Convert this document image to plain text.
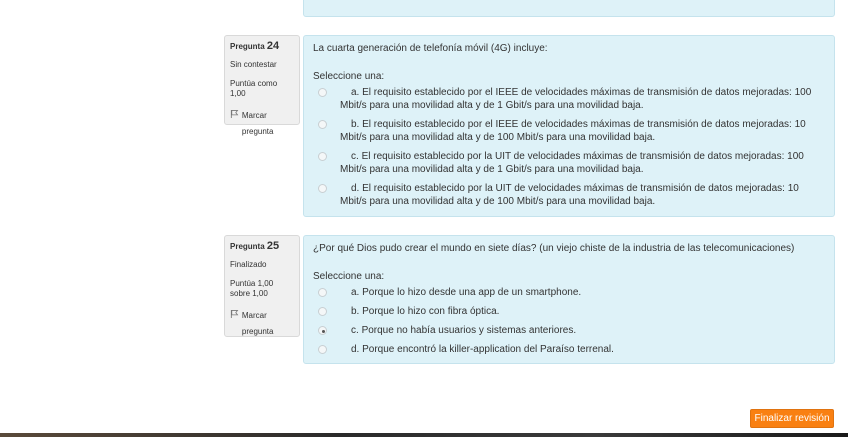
Pregunta 24
Sin contestar
Puntúa como 1,00
Marcar pregunta
La cuarta generación de telefonía móvil (4G) incluye:
Seleccione una:
a. El requisito establecido por el IEEE de velocidades máximas de transmisión de datos mejoradas: 100 Mbit/s para una movilidad alta y de 1 Gbit/s para una movilidad baja.
b. El requisito establecido por el IEEE de velocidades máximas de transmisión de datos mejoradas: 10 Mbit/s para una movilidad alta y de 100 Mbit/s para una movilidad baja.
c. El requisito establecido por la UIT de velocidades máximas de transmisión de datos mejoradas: 100 Mbit/s para una movilidad alta y de 1 Gbit/s para una movilidad baja.
d. El requisito establecido por la UIT de velocidades máximas de transmisión de datos mejoradas: 10 Mbit/s para una movilidad alta y de 100 Mbit/s para una movilidad baja.
Pregunta 25
Finalizado
Puntúa 1,00 sobre 1,00
Marcar pregunta
¿Por qué Dios pudo crear el mundo en siete días? (un viejo chiste de la industria de las telecomunicaciones)
Seleccione una:
a. Porque lo hizo desde una app de un smartphone.
b. Porque lo hizo con fibra óptica.
c. Porque no había usuarios y sistemas anteriores.
d. Porque encontró la killer-application del Paraíso terrenal.
Finalizar revisión
